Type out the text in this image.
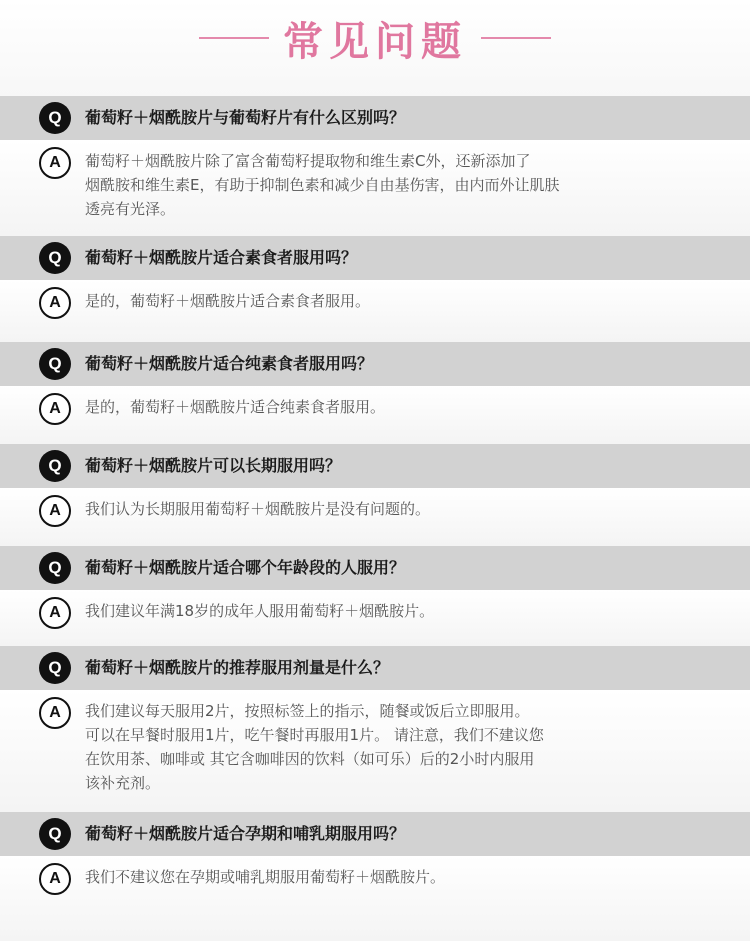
常见问题
Q	葡萄籽＋烟酰胺片与葡萄籽片有什么区别吗？
A	葡萄籽＋烟酰胺片除了富含葡萄籽提取物和维生素C外，还新添加了
烟酰胺和维生素E，有助于抑制色素和减少自由基伤害，由内而外让肌肤
透亮有光泽。
Q	葡萄籽＋烟酰胺片适合素食者服用吗？
A	是的，葡萄籽＋烟酰胺片适合素食者服用。
Q	葡萄籽＋烟酰胺片适合纯素食者服用吗？
A	是的，葡萄籽＋烟酰胺片适合纯素食者服用。
Q	葡萄籽＋烟酰胺片可以长期服用吗？
A	我们认为长期服用葡萄籽＋烟酰胺片是没有问题的。
Q	葡萄籽＋烟酰胺片适合哪个年龄段的人服用？
A	我们建议年满18岁的成年人服用葡萄籽＋烟酰胺片。
Q	葡萄籽＋烟酰胺片的推荐服用剂量是什么？
A	我们建议每天服用2片，按照标签上的指示，随餐或饭后立即服用。
可以在早餐时服用1片，吃午餐时再服用1片。 请注意，我们不建议您
在饮用茶、咖啡或 其它含咖啡因的饮料（如可乐）后的2小时内服用
该补充剂。
Q	葡萄籽＋烟酰胺片适合孕期和哺乳期服用吗？
A	我们不建议您在孕期或哺乳期服用葡萄籽＋烟酰胺片。
